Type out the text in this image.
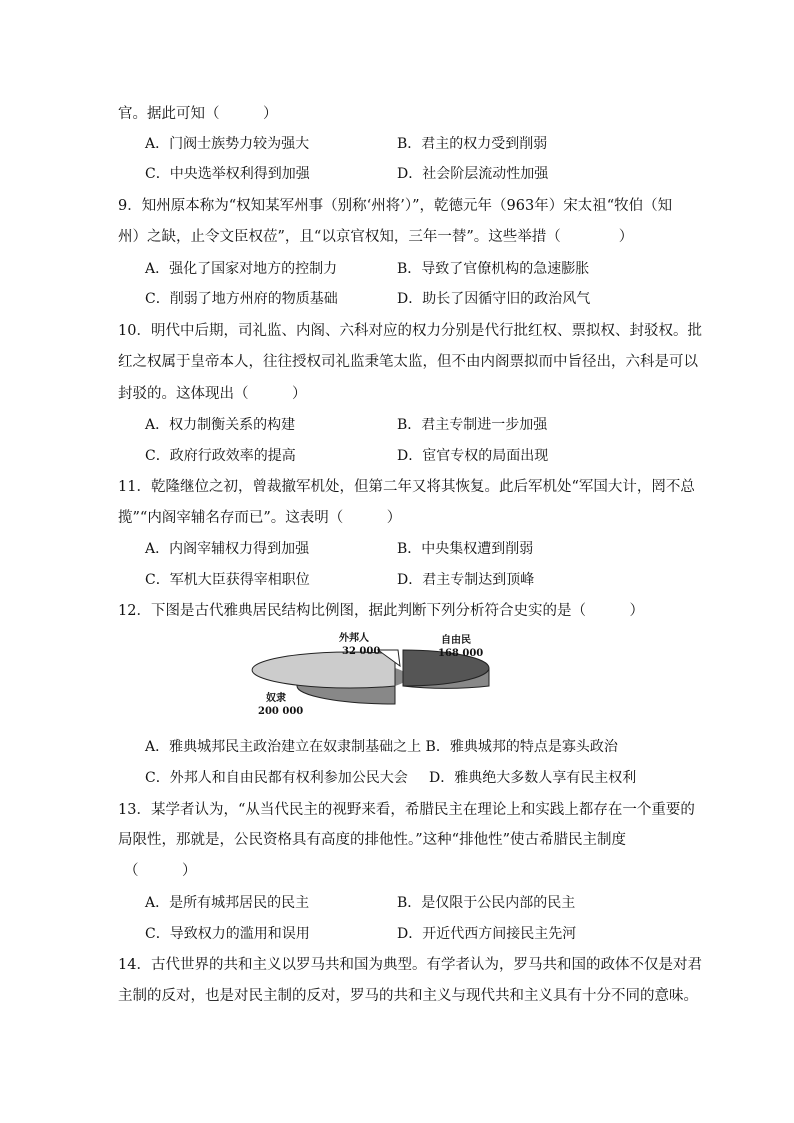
官。据此可知（　　　）
A．门阀士族势力较为强大	B．君主的权力受到削弱
C．中央选举权利得到加强	D．社会阶层流动性加强
9．知州原本称为“权知某军州事（别称‘州将’）”，乾德元年（963年）宋太祖“牧伯（知
州）之缺，止令文臣权莅”，且“以京官权知，三年一替”。这些举措（　　　　）
A．强化了国家对地方的控制力	B．导致了官僚机构的急速膨胀
C．削弱了地方州府的物质基础	D．助长了因循守旧的政治风气
10．明代中后期，司礼监、内阁、六科对应的权力分别是代行批红权、票拟权、封驳权。批
红之权属于皇帝本人，往往授权司礼监秉笔太监，但不由内阁票拟而中旨径出，六科是可以
封驳的。这体现出（　　　）
A．权力制衡关系的构建	B．君主专制进一步加强
C．政府行政效率的提高	D．宦官专权的局面出现
11．乾隆继位之初，曾裁撤军机处，但第二年又将其恢复。此后军机处“军国大计，罔不总
揽”“内阁宰辅名存而已”。这表明（　　　）
A．内阁宰辅权力得到加强	B．中央集权遭到削弱
C．军机大臣获得宰相职位	D．君主专制达到顶峰
12．下图是古代雅典居民结构比例图，据此判断下列分析符合史实的是（　　　）
外邦人
32 000
自由民
168 000
奴隶
200 000
A．雅典城邦民主政治建立在奴隶制基础之上 B．雅典城邦的特点是寡头政治
C．外邦人和自由民都有权利参加公民大会 D．雅典绝大多数人享有民主权利
13．某学者认为，“从当代民主的视野来看，希腊民主在理论上和实践上都存在一个重要的
局限性，那就是，公民资格具有高度的排他性。”这种“排他性”使古希腊民主制度
（　　　）
A．是所有城邦居民的民主	B．是仅限于公民内部的民主
C．导致权力的滥用和误用	D．开近代西方间接民主先河
14．古代世界的共和主义以罗马共和国为典型。有学者认为，罗马共和国的政体不仅是对君
主制的反对，也是对民主制的反对，罗马的共和主义与现代共和主义具有十分不同的意味。
